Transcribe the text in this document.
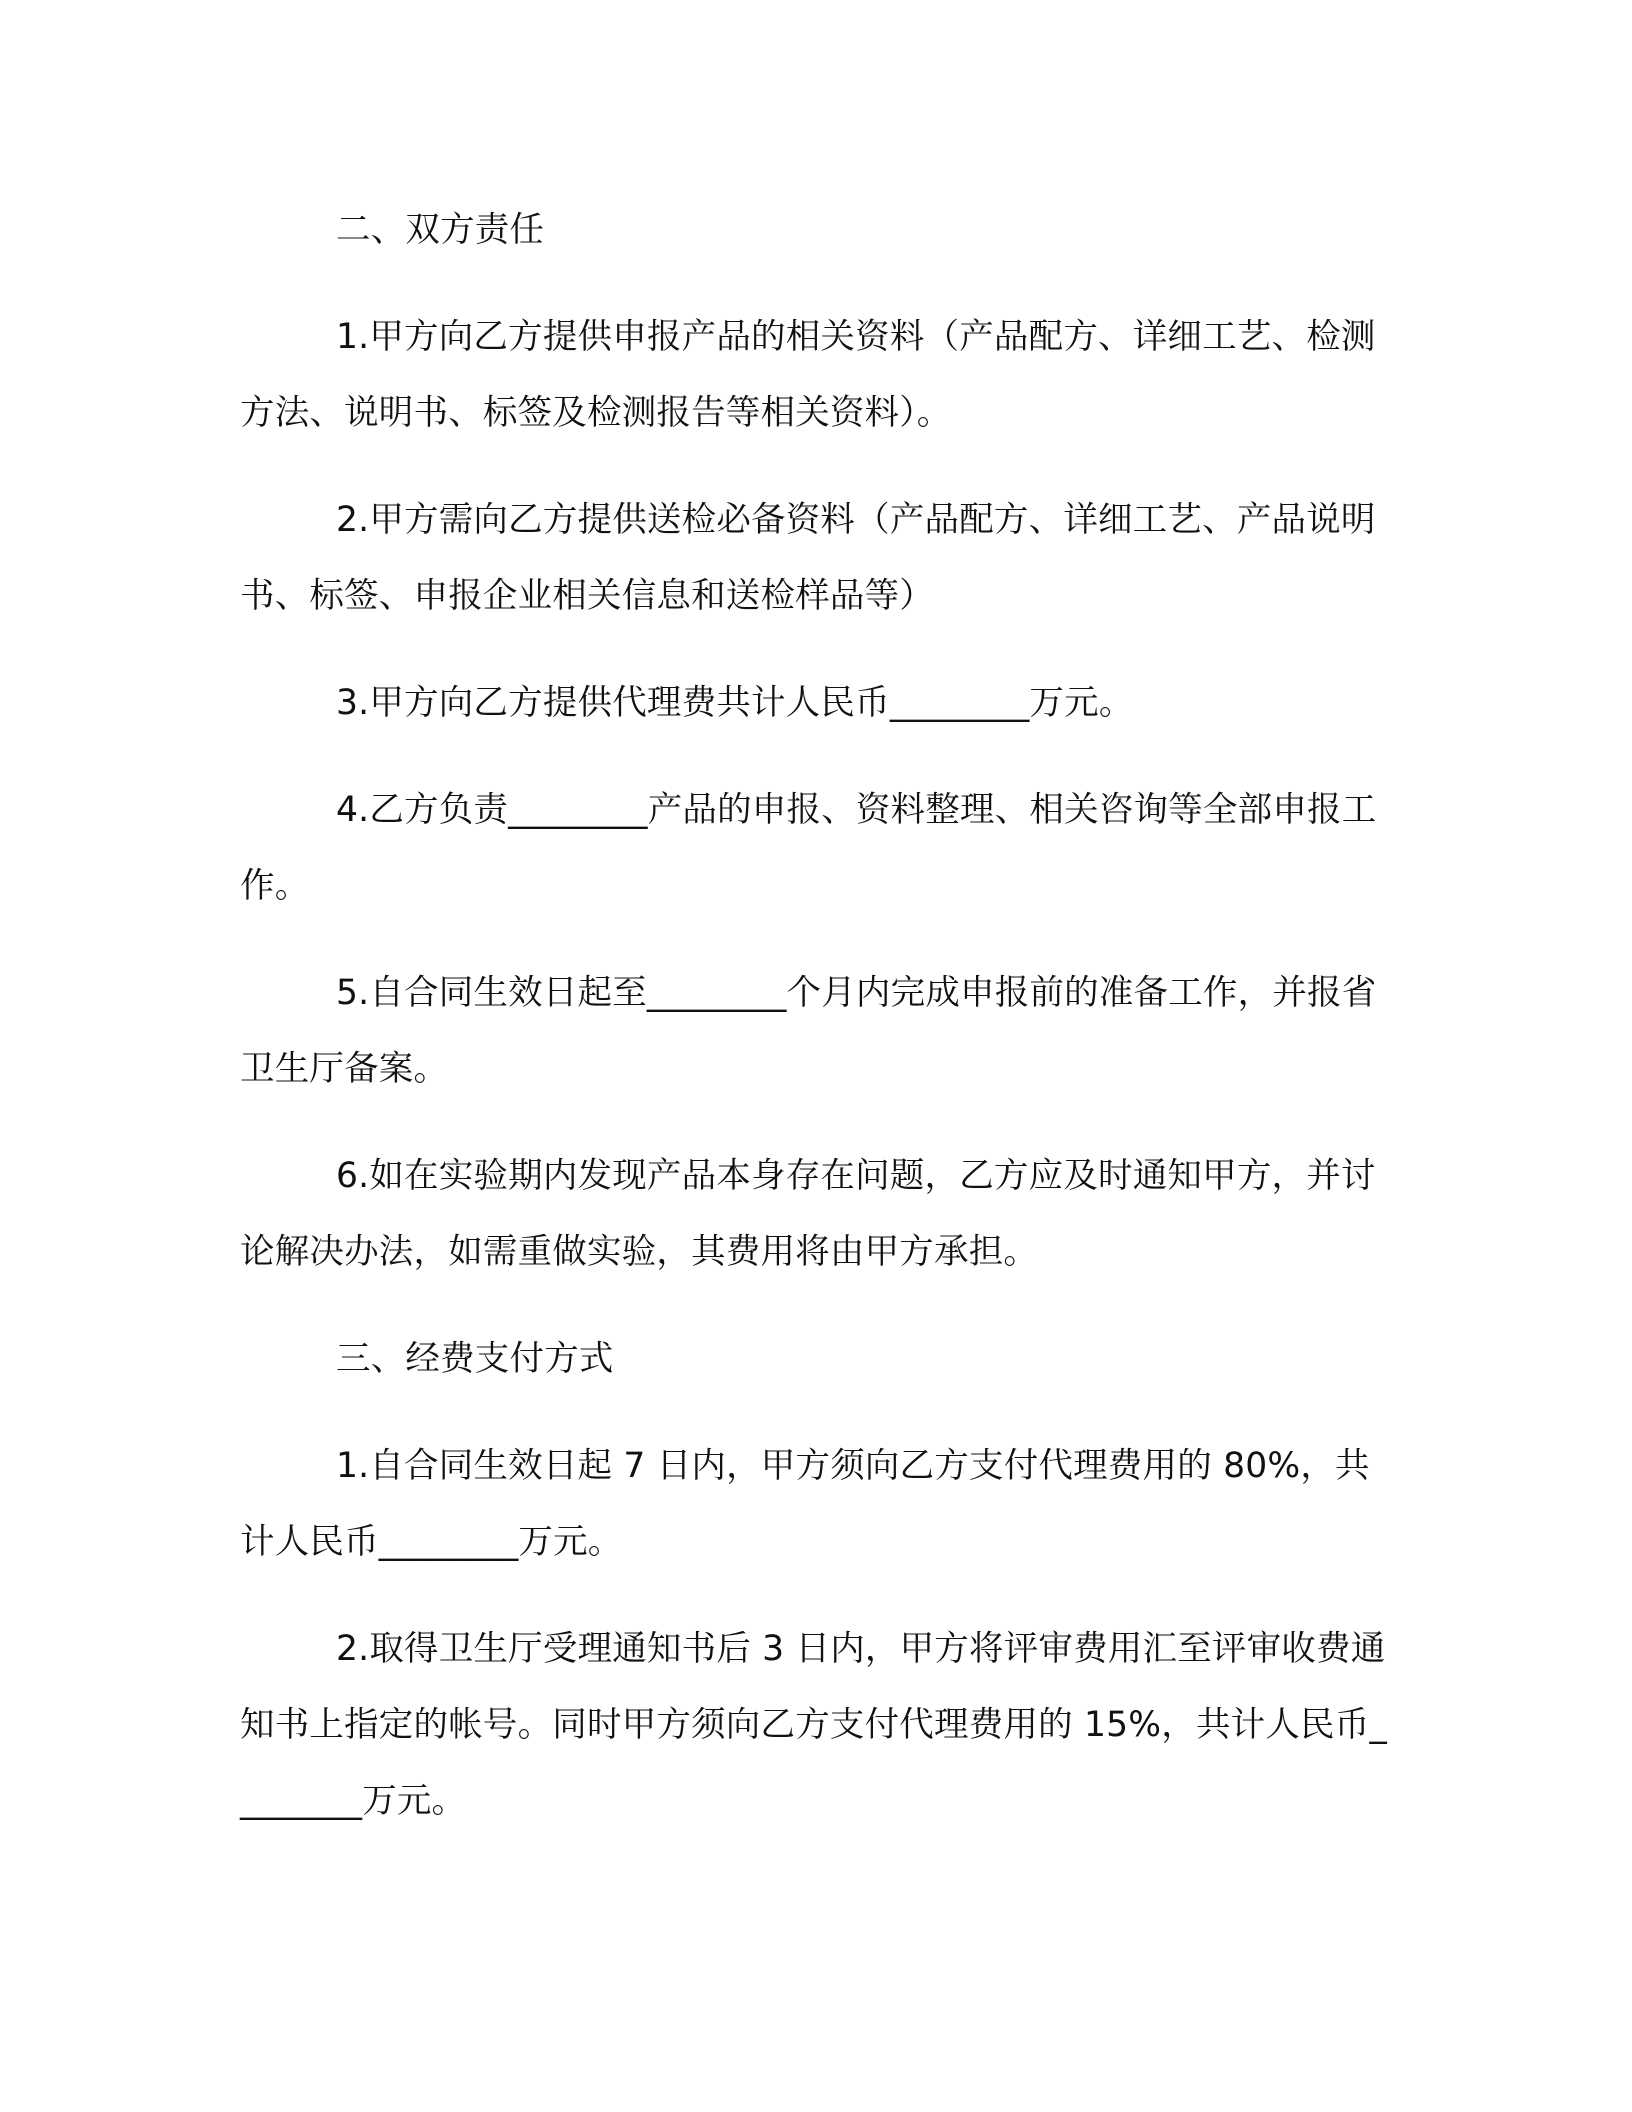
二、双方责任

1.甲方向乙方提供申报产品的相关资料（产品配方、详细工艺、检测方法、说明书、标签及检测报告等相关资料）。

2.甲方需向乙方提供送检必备资料（产品配方、详细工艺、产品说明书、标签、申报企业相关信息和送检样品等）

3.甲方向乙方提供代理费共计人民币________万元。

4.乙方负责________产品的申报、资料整理、相关咨询等全部申报工作。

5.自合同生效日起至________个月内完成申报前的准备工作，并报省卫生厅备案。

6.如在实验期内发现产品本身存在问题，乙方应及时通知甲方，并讨论解决办法，如需重做实验，其费用将由甲方承担。

三、经费支付方式

1.自合同生效日起 7 日内，甲方须向乙方支付代理费用的 80%，共计人民币________万元。

2.取得卫生厅受理通知书后 3 日内，甲方将评审费用汇至评审收费通知书上指定的帐号。同时甲方须向乙方支付代理费用的 15%，共计人民币________万元。
